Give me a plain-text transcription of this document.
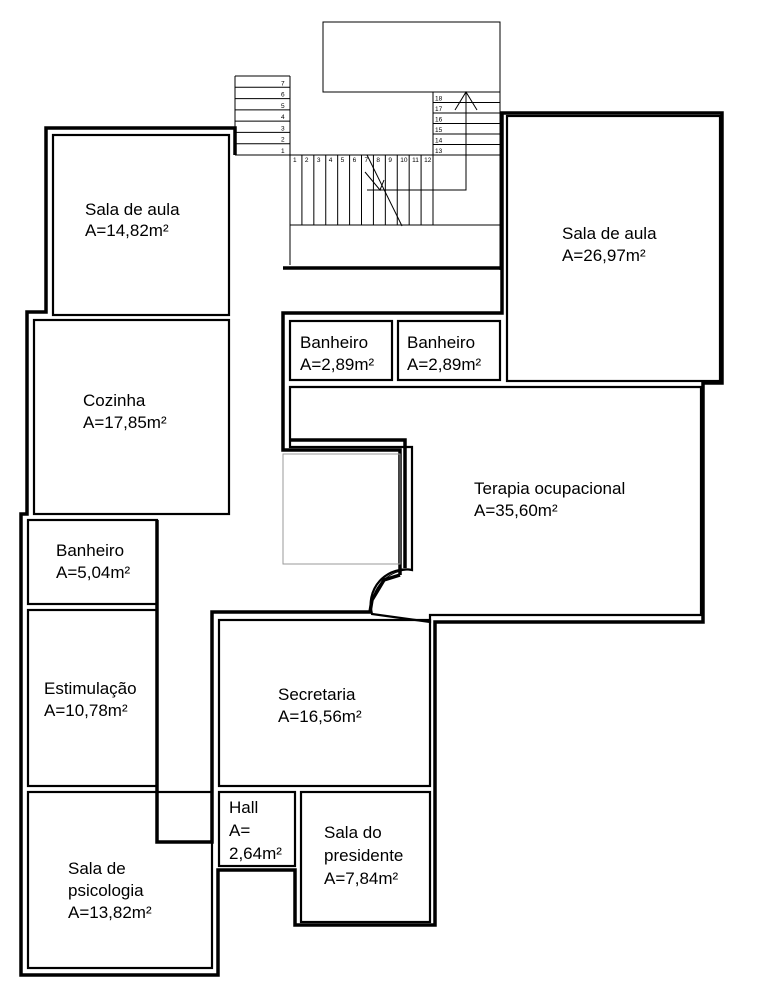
1
2
3
4
5
6
7
1 2 3 4 5 6 7 8 9 10 11 12
13
14
15
16
17
18
Sala de aula A=14,82m²	Sala de aula A=26,97m²
Cozinha A=17,85m²
Banheiro A=2,89m²
Banheiro A=2,89m²
Banheiro A=5,04m²
Terapia ocupacional A=35,60m²
Estimulação A=10,78m²
Secretaria A=16,56m²
Hall A= 2,64m²
Sala do presidente A=7,84m²
Sala de psicologia A=13,82m²
